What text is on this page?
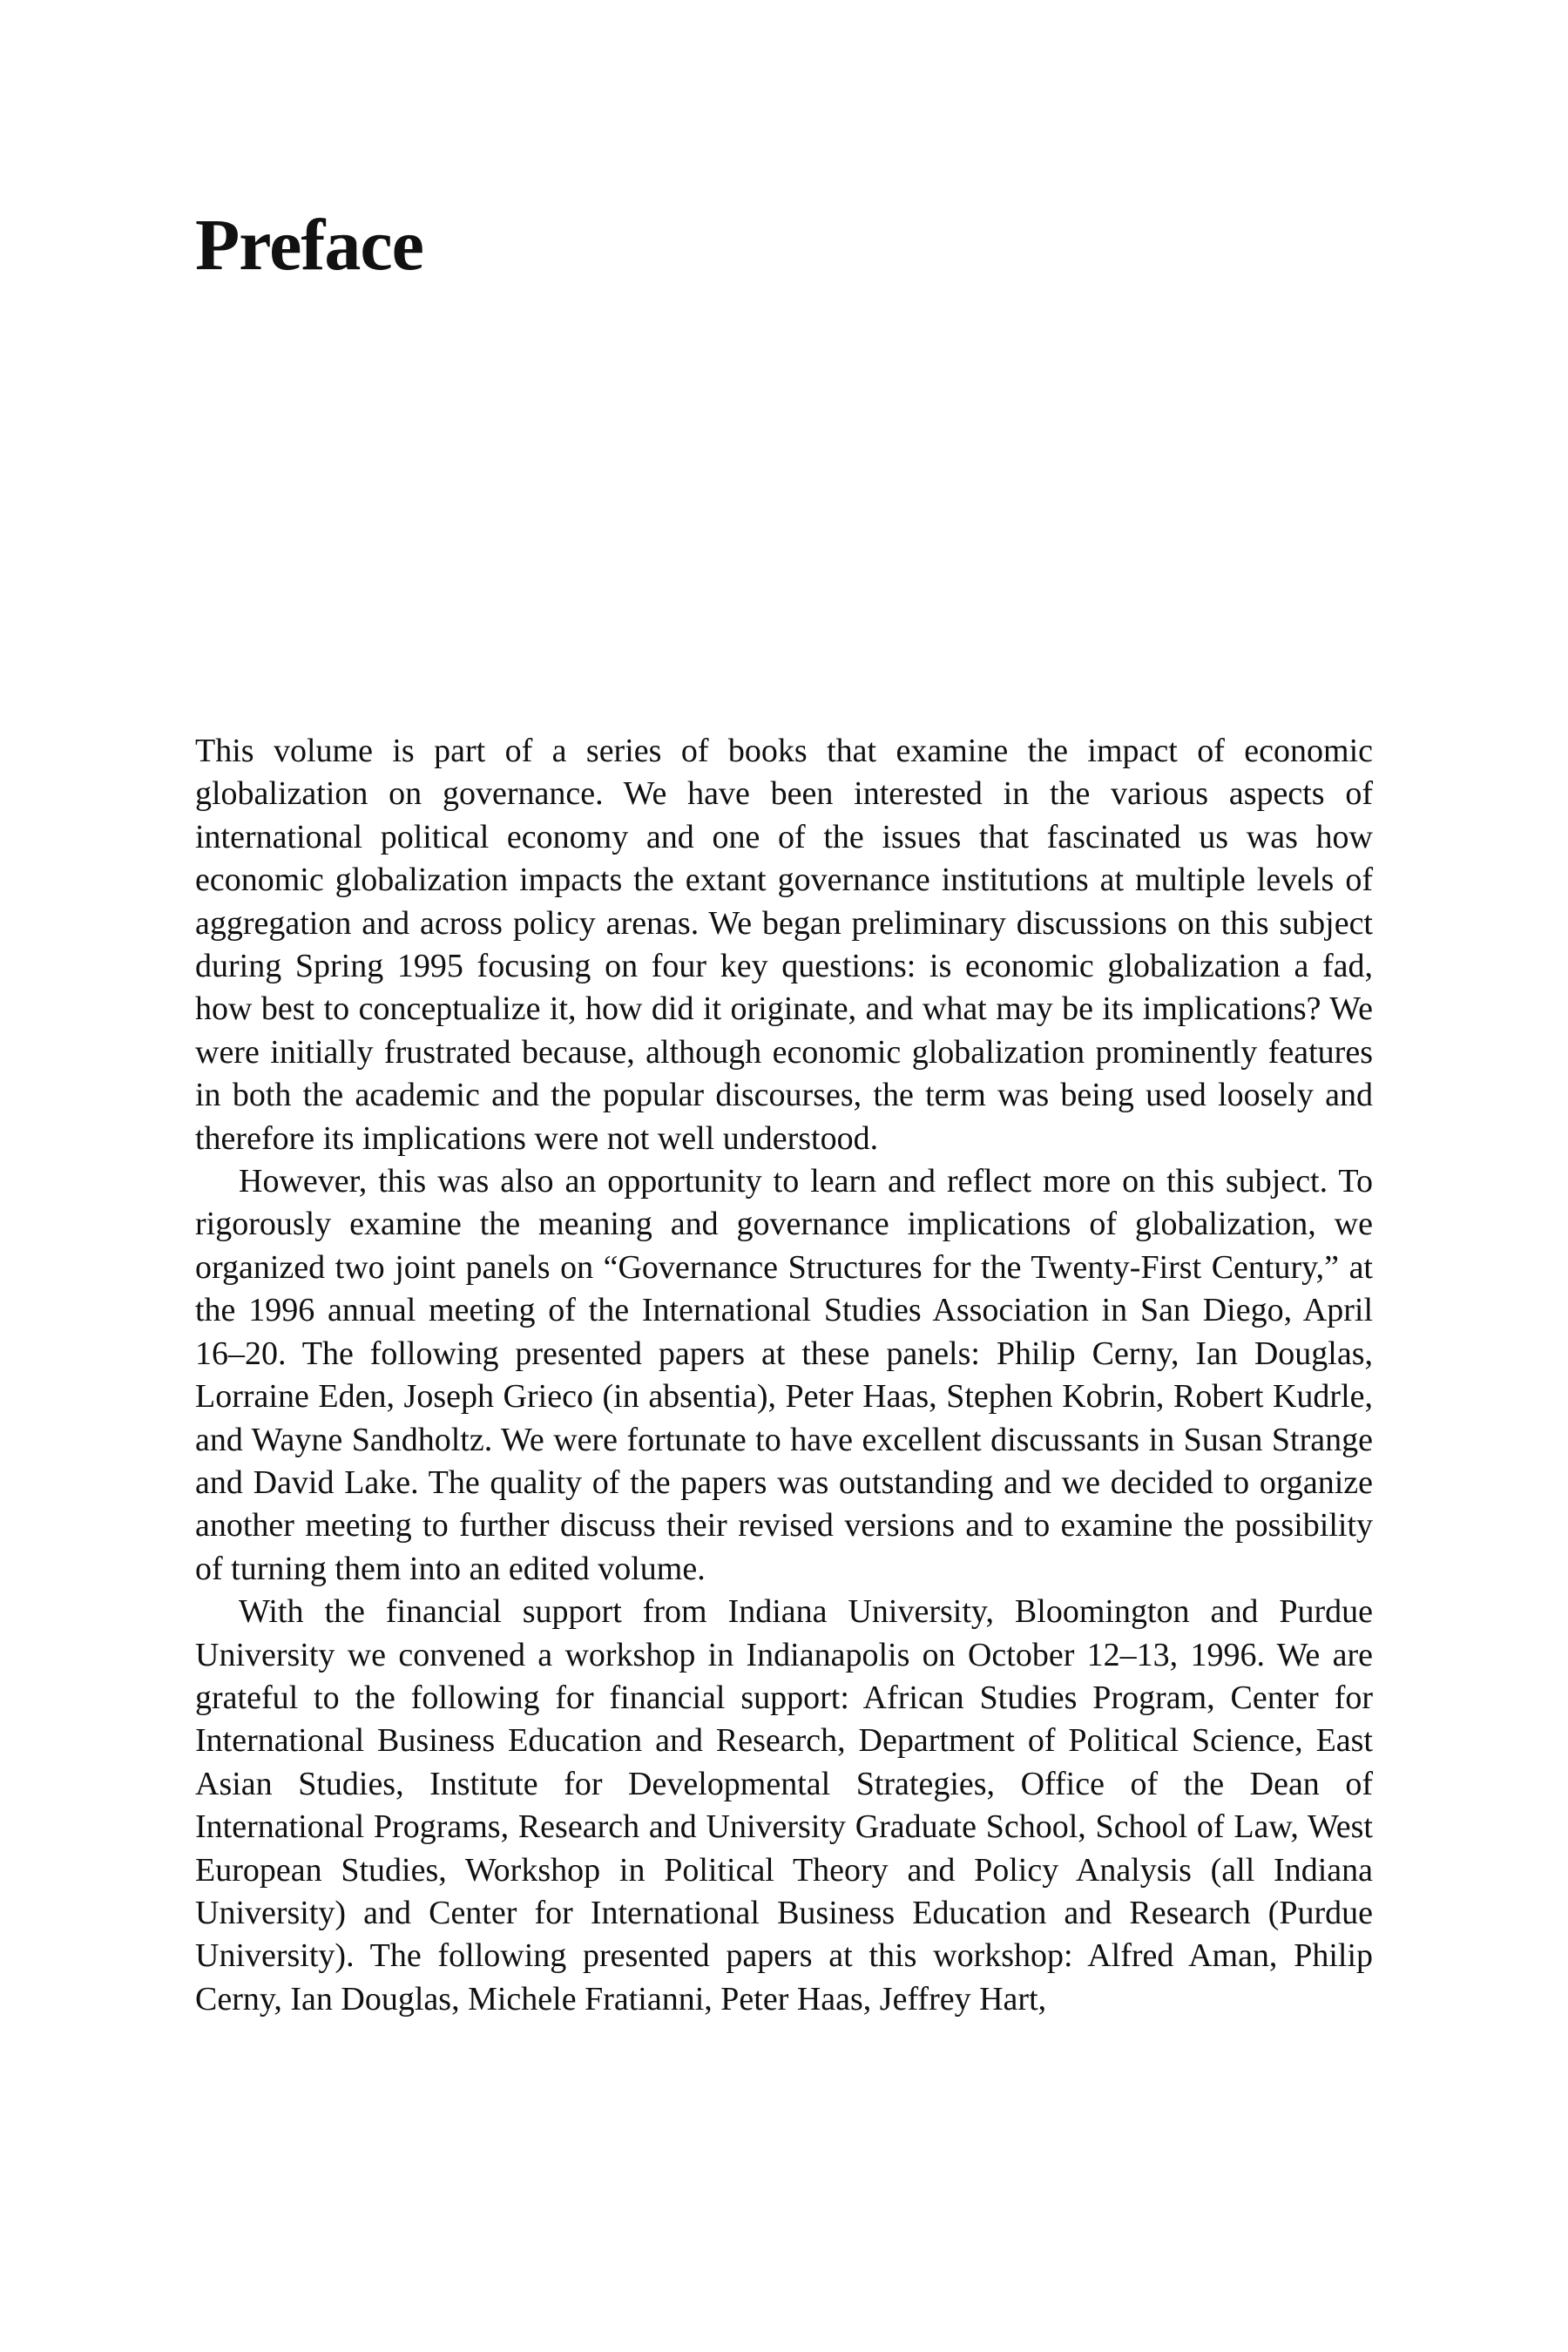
Preface

This volume is part of a series of books that examine the impact of economic globalization on governance. We have been interested in the various aspects of international political economy and one of the issues that fascinated us was how economic globalization impacts the extant governance institutions at multiple levels of aggregation and across policy arenas. We began preliminary discussions on this subject during Spring 1995 focusing on four key questions: is economic globalization a fad, how best to conceptualize it, how did it originate, and what may be its implications? We were initially frustrated because, although economic globalization prominently features in both the academic and the popular discourses, the term was being used loosely and therefore its implications were not well understood.

However, this was also an opportunity to learn and reflect more on this subject. To rigorously examine the meaning and governance implications of globalization, we organized two joint panels on “Governance Structures for the Twenty-First Century,” at the 1996 annual meeting of the International Studies Association in San Diego, April 16–20. The following presented papers at these panels: Philip Cerny, Ian Douglas, Lorraine Eden, Joseph Grieco (in absentia), Peter Haas, Stephen Kobrin, Robert Kudrle, and Wayne Sandholtz. We were fortunate to have excellent discussants in Susan Strange and David Lake. The quality of the papers was outstanding and we decided to organize another meeting to further discuss their revised versions and to examine the possibility of turning them into an edited volume.

With the financial support from Indiana University, Bloomington and Purdue University we convened a workshop in Indianapolis on October 12–13, 1996. We are grateful to the following for financial support: African Studies Program, Center for International Business Education and Research, Department of Political Science, East Asian Studies, Institute for Developmental Strategies, Office of the Dean of International Programs, Research and University Graduate School, School of Law, West European Studies, Workshop in Political Theory and Policy Analysis (all Indiana University) and Center for International Business Education and Research (Purdue University). The following presented papers at this workshop: Alfred Aman, Philip Cerny, Ian Douglas, Michele Fratianni, Peter Haas, Jeffrey Hart,
